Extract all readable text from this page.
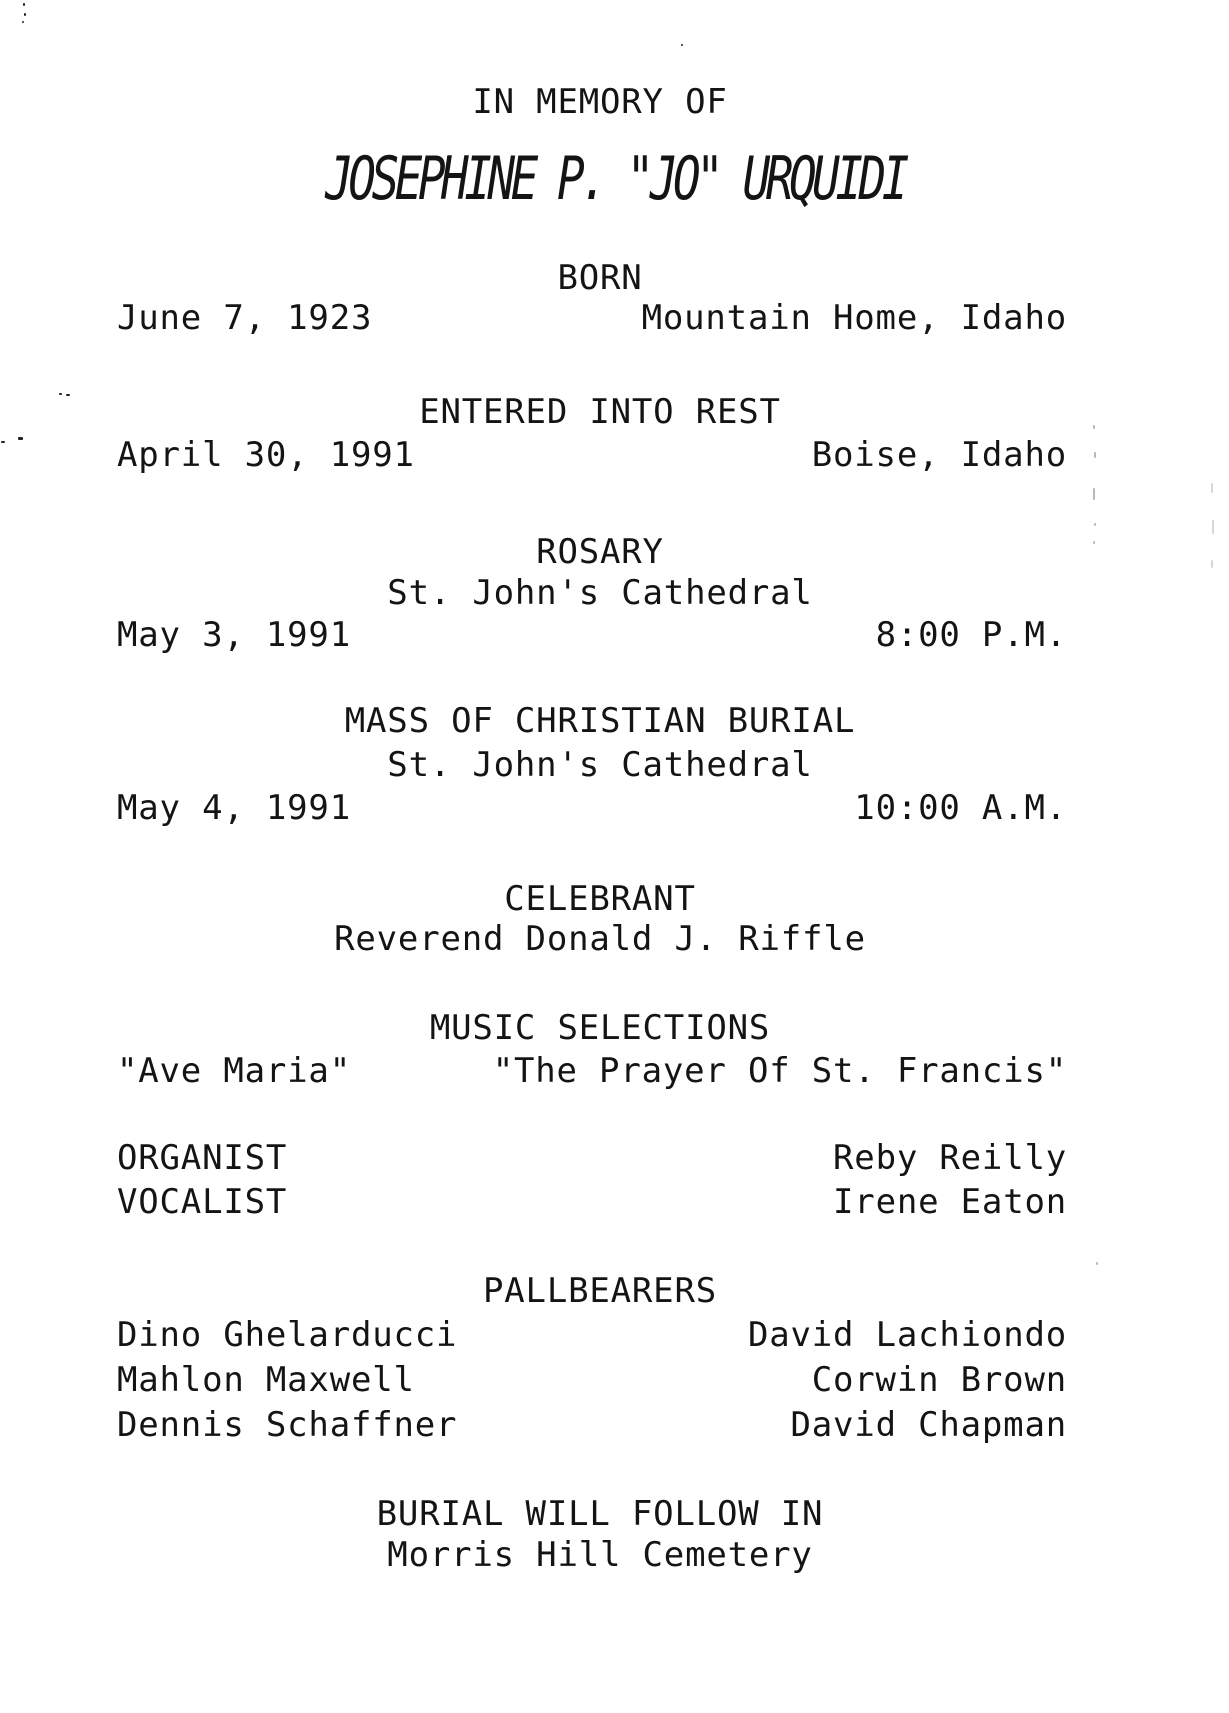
IN MEMORY OF
JOSEPHINE P. "JO" URQUIDI
BORN
June 7, 1923	Mountain Home, Idaho
ENTERED INTO REST
April 30, 1991	Boise, Idaho
ROSARY
St. John's Cathedral
May 3, 1991	8:00 P.M.
MASS OF CHRISTIAN BURIAL
St. John's Cathedral
May 4, 1991	10:00 A.M.
CELEBRANT
Reverend Donald J. Riffle
MUSIC SELECTIONS
"Ave Maria"	"The Prayer Of St. Francis"
ORGANIST	Reby Reilly
VOCALIST	Irene Eaton
PALLBEARERS
Dino Ghelarducci	David Lachiondo
Mahlon Maxwell	Corwin Brown
Dennis Schaffner	David Chapman
BURIAL WILL FOLLOW IN
Morris Hill Cemetery
